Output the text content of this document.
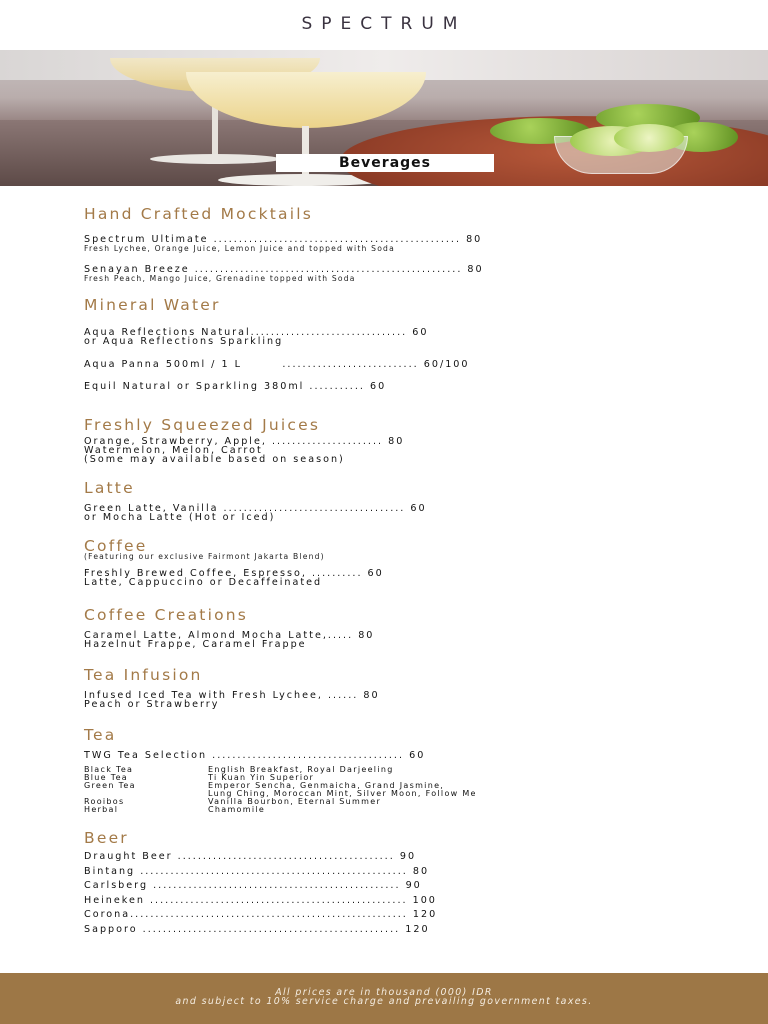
SPECTRUM
Beverages
Hand Crafted Mocktails
Spectrum Ultimate ................................................. 80
Fresh Lychee, Orange Juice, Lemon Juice and topped with Soda
Senayan Breeze ..................................................... 80
Fresh Peach, Mango Juice, Grenadine topped with Soda
Mineral Water
Aqua Reflections Natural............................... 60
or Aqua Reflections Sparkling
Aqua Panna 500ml / 1 L        ........................... 60/100
Equil Natural or Sparkling 380ml ........... 60
Freshly Squeezed Juices
Orange, Strawberry, Apple, ...................... 80
Watermelon, Melon, Carrot
(Some may available based on season)
Latte
Green Latte, Vanilla .................................... 60
or Mocha Latte (Hot or Iced)
Coffee
(Featuring our exclusive Fairmont Jakarta Blend)
Freshly Brewed Coffee, Espresso, .......... 60
Latte, Cappuccino or Decaffeinated
Coffee Creations
Caramel Latte, Almond Mocha Latte,..... 80
Hazelnut Frappe, Caramel Frappe
Tea Infusion
Infused Iced Tea with Fresh Lychee, ...... 80
Peach or Strawberry
Tea
TWG Tea Selection ...................................... 60
Black Tea	English Breakfast, Royal Darjeeling
Blue Tea	Ti Kuan Yin Superior
Green Tea	Emperor Sencha, Genmaicha, Grand Jasmine,
Lung Ching, Moroccan Mint, Silver Moon, Follow Me
Rooibos	Vanilla Bourbon, Eternal Summer
Herbal	Chamomile
Beer
Draught Beer ........................................... 90
Bintang ..................................................... 80
Carlsberg ................................................. 90
Heineken ................................................... 100
Corona....................................................... 120
Sapporo ................................................... 120
All prices are in thousand (000) IDR
and subject to 10% service charge and prevailing government taxes.
